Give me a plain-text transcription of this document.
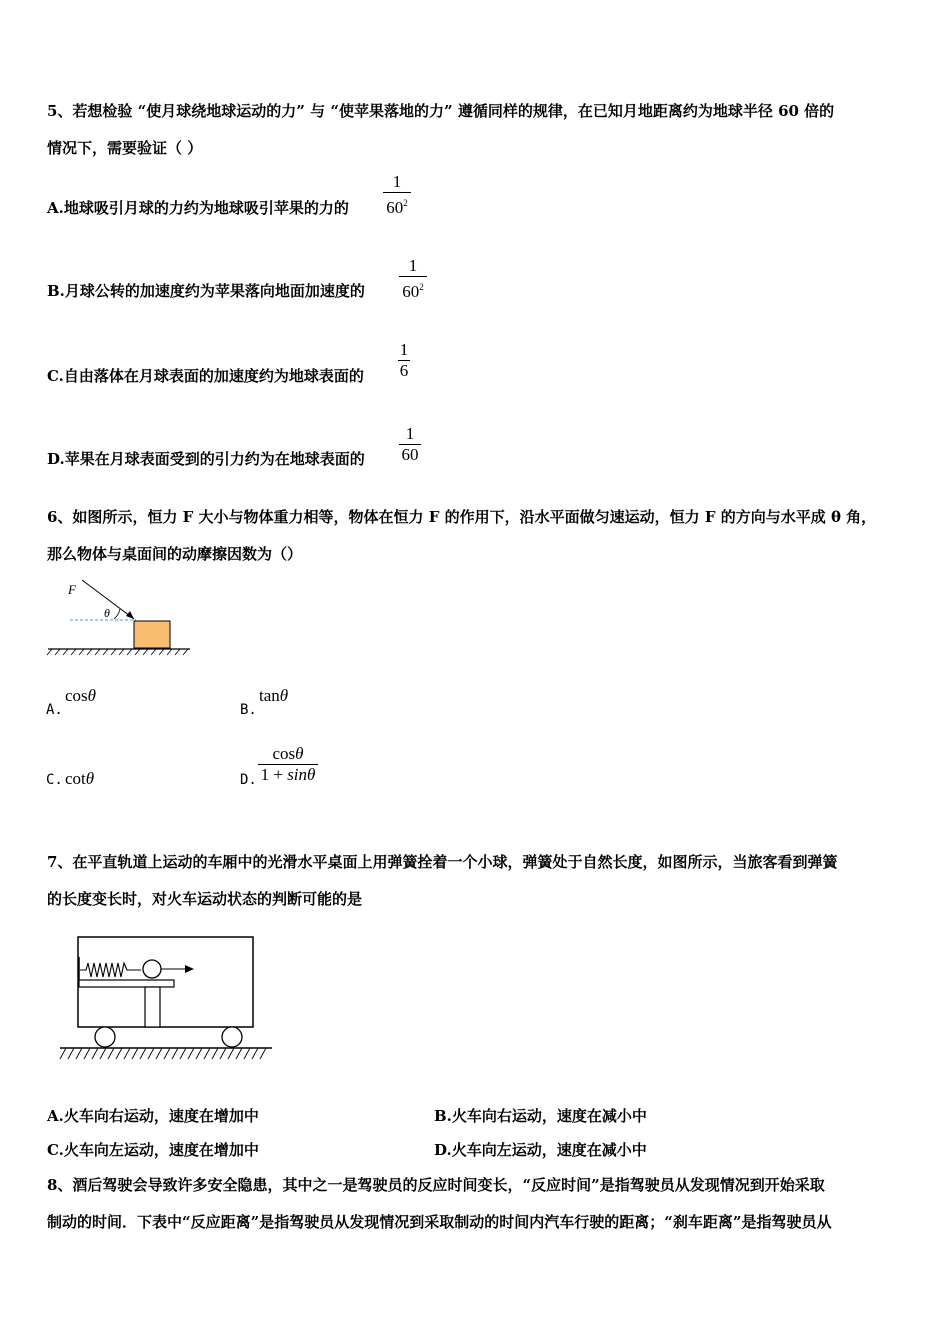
5、若想检验 “使月球绕地球运动的力” 与 “使苹果落地的力” 遵循同样的规律，在已知月地距离约为地球半径 60 倍的
情况下，需要验证（ ）
A.地球吸引月球的力约为地球吸引苹果的力的
1
$60^2$
B.月球公转的加速度约为苹果落向地面加速度的
1
$60^2$
C.自由落体在月球表面的加速度约为地球表面的
1
6
D.苹果在月球表面受到的引力约为在地球表面的
1
60
6、如图所示，恒力 F 大小与物体重力相等，物体在恒力 F 的作用下，沿水平面做匀速运动，恒力 F 的方向与水平成 θ 角，
那么物体与桌面间的动摩擦因数为（）
F
θ
A.
cosθ
B.
tanθ
C. cotθ	D.
cosθ
1 + sinθ
7、在平直轨道上运动的车厢中的光滑水平桌面上用弹簧拴着一个小球，弹簧处于自然长度，如图所示，当旅客看到弹簧
的长度变长时，对火车运动状态的判断可能的是
A.火车向右运动，速度在增加中	B.火车向右运动，速度在减小中
C.火车向左运动，速度在增加中	D.火车向左运动，速度在减小中
8、酒后驾驶会导致许多安全隐患，其中之一是驾驶员的反应时间变长，“反应时间”是指驾驶员从发现情况到开始采取
制动的时间．下表中“反应距离”是指驾驶员从发现情况到采取制动的时间内汽车行驶的距离；“刹车距离”是指驾驶员从
